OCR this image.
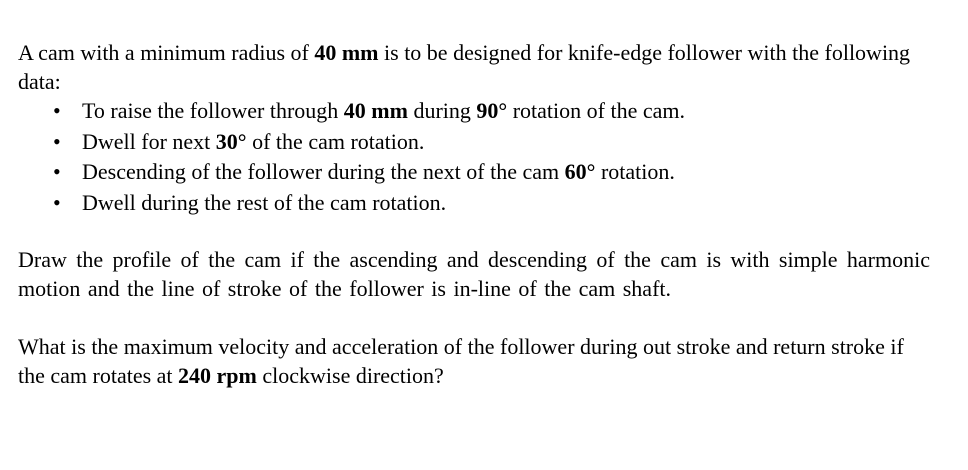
A cam with a minimum radius of 40 mm is to be designed for knife-edge follower with the following data:

• To raise the follower through 40 mm during 90° rotation of the cam.
• Dwell for next 30° of the cam rotation.
• Descending of the follower during the next of the cam 60° rotation.
• Dwell during the rest of the cam rotation.

Draw the profile of the cam if the ascending and descending of the cam is with simple harmonic motion and the line of stroke of the follower is in-line of the cam shaft.

What is the maximum velocity and acceleration of the follower during out stroke and return stroke if the cam rotates at 240 rpm clockwise direction?
